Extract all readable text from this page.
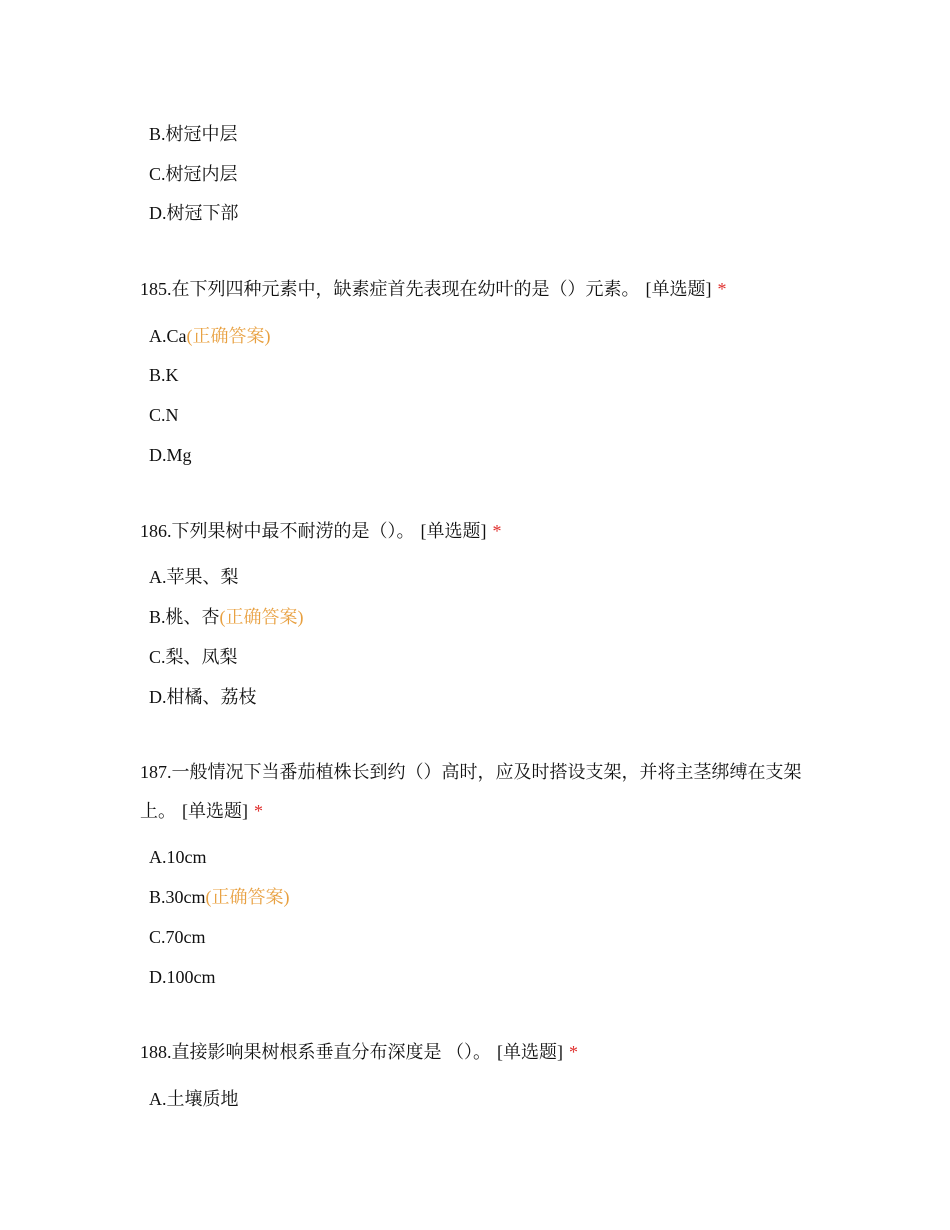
B.树冠中层
C.树冠内层
D.树冠下部
185.在下列四种元素中，缺素症首先表现在幼叶的是（）元素。 [单选题] *
A.Ca(正确答案)
B.K
C.N
D.Mg
186.下列果树中最不耐涝的是（）。 [单选题] *
A.苹果、梨
B.桃、杏(正确答案)
C.梨、凤梨
D.柑橘、荔枝
187.一般情况下当番茄植株长到约（）高时，应及时搭设支架，并将主茎绑缚在支架上。 [单选题] *
A.10cm
B.30cm(正确答案)
C.70cm
D.100cm
188.直接影响果树根系垂直分布深度是 （）。 [单选题] *
A.土壤质地
